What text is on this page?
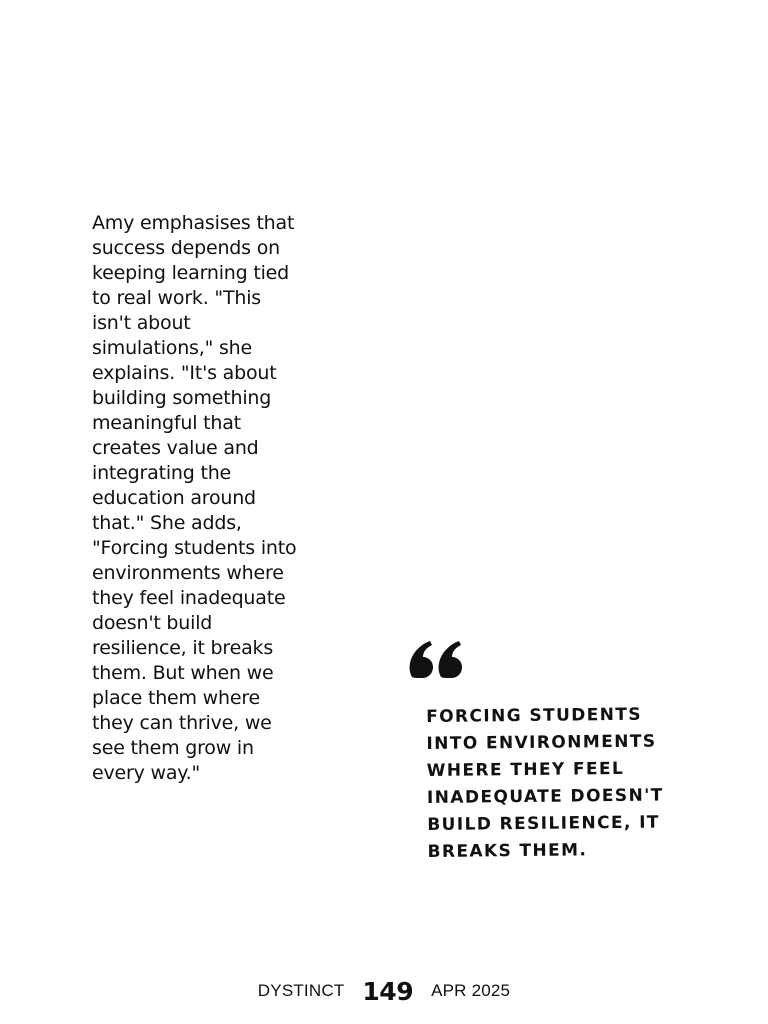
Amy emphasises that success depends on keeping learning tied to real work. "This isn't about simulations," she explains. "It's about building something meaningful that creates value and integrating the education around that." She adds, "Forcing students into environments where they feel inadequate doesn't build resilience, it breaks them. But when we place them where they can thrive, we see them grow in every way."

FORCING STUDENTS INTO ENVIRONMENTS WHERE THEY FEEL INADEQUATE DOESN'T BUILD RESILIENCE, IT BREAKS THEM.
DYSTINCT 149 APR 2025
